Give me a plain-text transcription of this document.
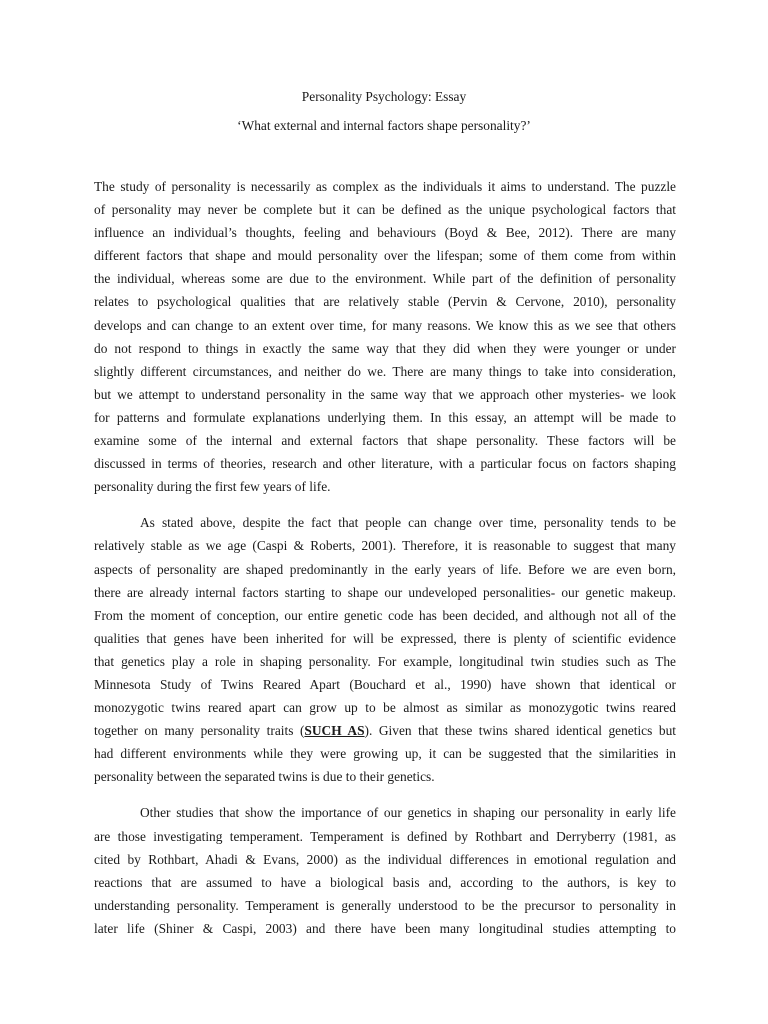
Personality Psychology: Essay

‘What external and internal factors shape personality?’

The study of personality is necessarily as complex as the individuals it aims to understand. The puzzle
of personality may never be complete but it can be defined as the unique psychological factors that
influence an individual’s thoughts, feeling and behaviours (Boyd & Bee, 2012). There are many
different factors that shape and mould personality over the lifespan; some of them come from within
the individual, whereas some are due to the environment. While part of the definition of personality
relates to psychological qualities that are relatively stable (Pervin & Cervone, 2010), personality
develops and can change to an extent over time, for many reasons. We know this as we see that others
do not respond to things in exactly the same way that they did when they were younger or under
slightly different circumstances, and neither do we. There are many things to take into consideration,
but we attempt to understand personality in the same way that we approach other mysteries- we look
for patterns and formulate explanations underlying them. In this essay, an attempt will be made to
examine some of the internal and external factors that shape personality. These factors will be
discussed in terms of theories, research and other literature, with a particular focus on factors shaping
personality during the first few years of life.

As stated above, despite the fact that people can change over time, personality tends to be
relatively stable as we age (Caspi & Roberts, 2001). Therefore, it is reasonable to suggest that many
aspects of personality are shaped predominantly in the early years of life. Before we are even born,
there are already internal factors starting to shape our undeveloped personalities- our genetic makeup.
From the moment of conception, our entire genetic code has been decided, and although not all of the
qualities that genes have been inherited for will be expressed, there is plenty of scientific evidence
that genetics play a role in shaping personality. For example, longitudinal twin studies such as The
Minnesota Study of Twins Reared Apart (Bouchard et al., 1990) have shown that identical or
monozygotic twins reared apart can grow up to be almost as similar as monozygotic twins reared
together on many personality traits (SUCH AS). Given that these twins shared identical genetics but
had different environments while they were growing up, it can be suggested that the similarities in
personality between the separated twins is due to their genetics.

Other studies that show the importance of our genetics in shaping our personality in early life
are those investigating temperament. Temperament is defined by Rothbart and Derryberry (1981, as
cited by Rothbart, Ahadi & Evans, 2000) as the individual differences in emotional regulation and
reactions that are assumed to have a biological basis and, according to the authors, is key to
understanding personality. Temperament is generally understood to be the precursor to personality in
later life (Shiner & Caspi, 2003) and there have been many longitudinal studies attempting to
